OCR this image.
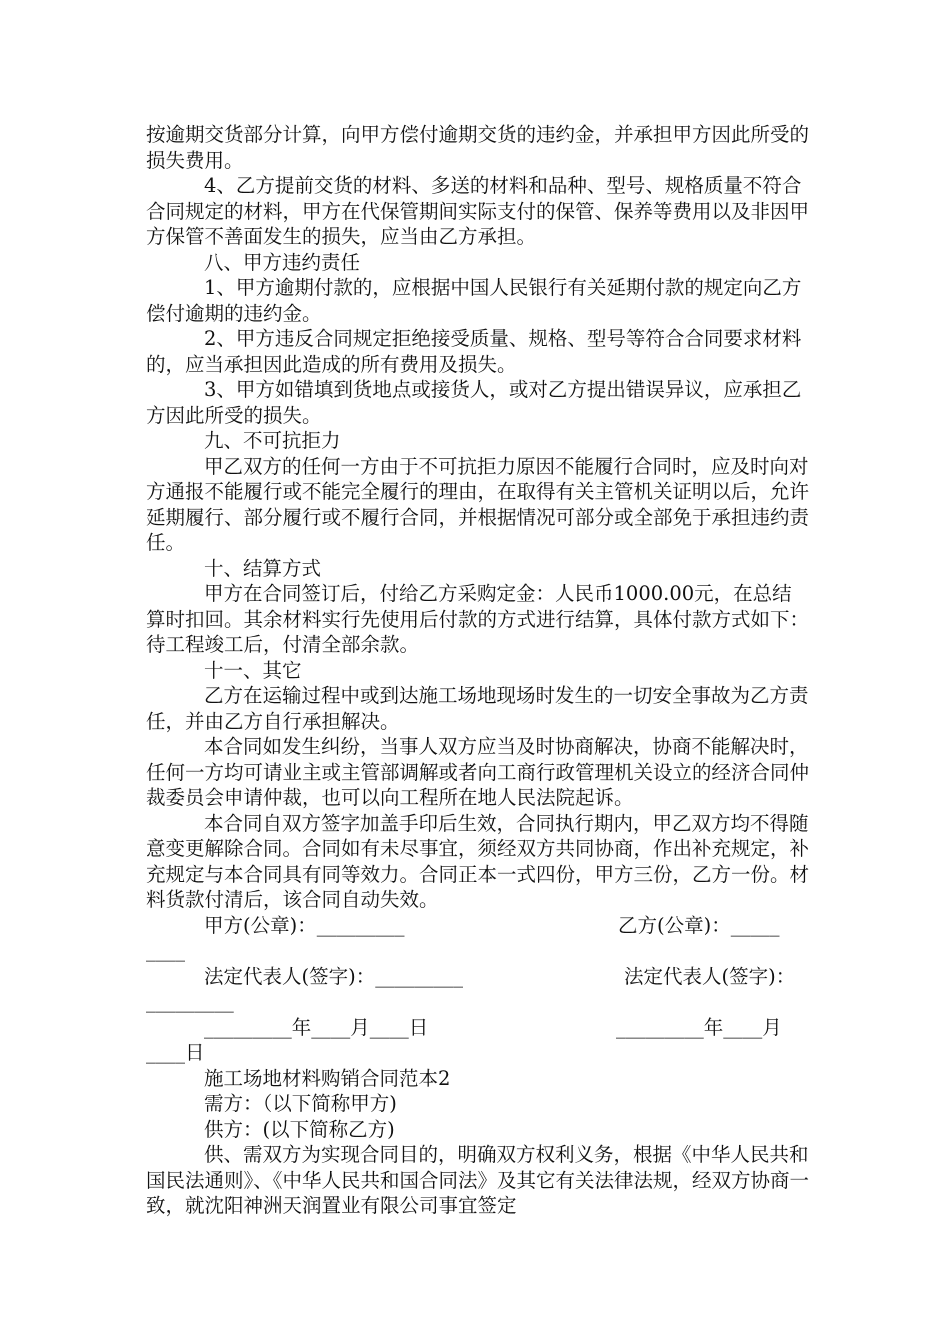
按逾期交货部分计算，向甲方偿付逾期交货的违约金，并承担甲方因此所受的损失费用。

4、乙方提前交货的材料、多送的材料和品种、型号、规格质量不符合合同规定的材料，甲方在代保管期间实际支付的保管、保养等费用以及非因甲方保管不善面发生的损失，应当由乙方承担。

八、甲方违约责任

1、甲方逾期付款的，应根据中国人民银行有关延期付款的规定向乙方偿付逾期的违约金。

2、甲方违反合同规定拒绝接受质量、规格、型号等符合合同要求材料的，应当承担因此造成的所有费用及损失。

3、甲方如错填到货地点或接货人，或对乙方提出错误异议，应承担乙方因此所受的损失。

九、不可抗拒力

甲乙双方的任何一方由于不可抗拒力原因不能履行合同时，应及时向对方通报不能履行或不能完全履行的理由，在取得有关主管机关证明以后，允许延期履行、部分履行或不履行合同，并根据情况可部分或全部免于承担违约责任。

十、结算方式

甲方在合同签订后，付给乙方采购定金：人民币1000.00元，在总结算时扣回。其余材料实行先使用后付款的方式进行结算，具体付款方式如下：待工程竣工后，付清全部余款。

十一、其它

乙方在运输过程中或到达施工场地现场时发生的一切安全事故为乙方责任，并由乙方自行承担解决。

本合同如发生纠纷，当事人双方应当及时协商解决，协商不能解决时，任何一方均可请业主或主管部调解或者向工商行政管理机关设立的经济合同仲裁委员会申请仲裁，也可以向工程所在地人民法院起诉。

本合同自双方签字加盖手印后生效，合同执行期内，甲乙双方均不得随意变更解除合同。合同如有未尽事宜，须经双方共同协商，作出补充规定，补充规定与本合同具有同等效力。合同正本一式四份，甲方三份，乙方一份。材料货款付清后，该合同自动失效。

甲方(公章)：_________	乙方(公章)：_____
____
法定代表人(签字)：_________	法定代表人(签字)：
_________
_________年____月____日	_________年____月
____日

施工场地材料购销合同范本2

需方：（以下简称甲方)

供方：(以下简称乙方)

供、需双方为实现合同目的，明确双方权利义务，根据《中华人民共和国民法通则》、《中华人民共和国合同法》及其它有关法律法规，经双方协商一致，就沈阳神洲天润置业有限公司事宜签定
